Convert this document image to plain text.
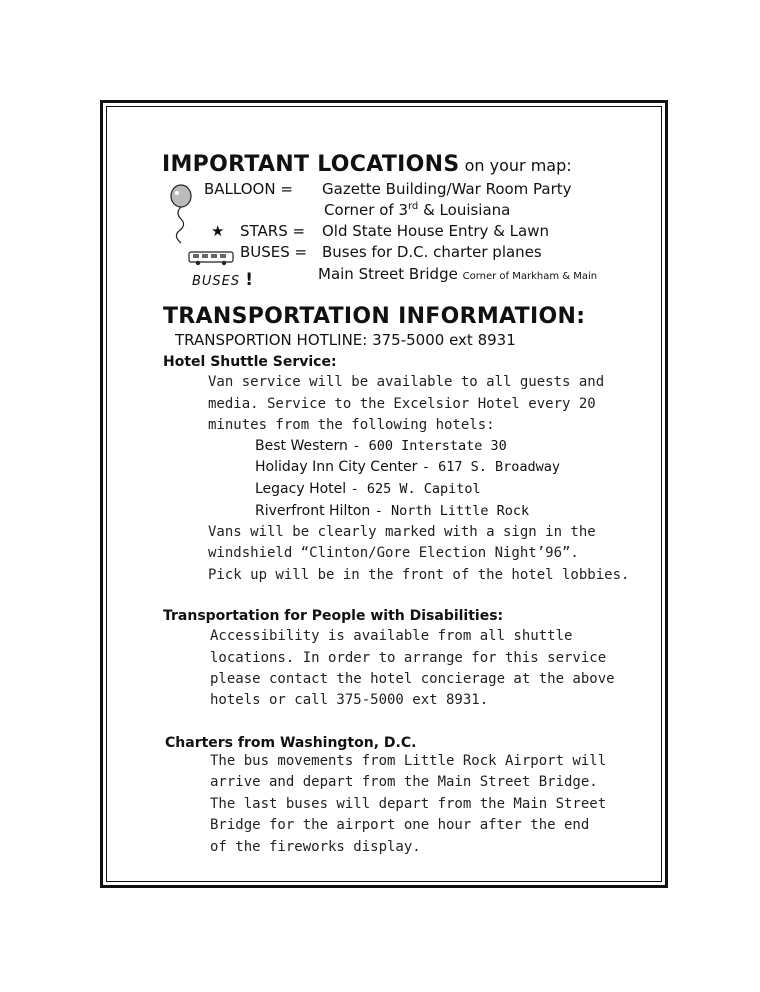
IMPORTANT LOCATIONS on your map:
BALLOON = Gazette Building/War Room Party
Corner of 3rd & Louisiana
★ STARS = Old State House Entry & Lawn
BUSES = Buses for D.C. charter planes
BUSES !	Main Street Bridge Corner of Markham & Main
TRANSPORTATION INFORMATION:
TRANSPORTION HOTLINE: 375-5000 ext 8931
Hotel Shuttle Service:
Van service will be available to all guests and
media. Service to the Excelsior Hotel every 20
minutes from the following hotels:
Best Western - 600 Interstate 30
Holiday Inn City Center - 617 S. Broadway
Legacy Hotel - 625 W. Capitol
Riverfront Hilton - North Little Rock
Vans will be clearly marked with a sign in the
windshield “Clinton/Gore Election Night’96”.
Pick up will be in the front of the hotel lobbies.
Transportation for People with Disabilities:
Accessibility is available from all shuttle
locations. In order to arrange for this service
please contact the hotel concierage at the above
hotels or call 375-5000 ext 8931.
Charters from Washington, D.C.
The bus movements from Little Rock Airport will
arrive and depart from the Main Street Bridge.
The last buses will depart from the Main Street
Bridge for the airport one hour after the end
of the fireworks display.
